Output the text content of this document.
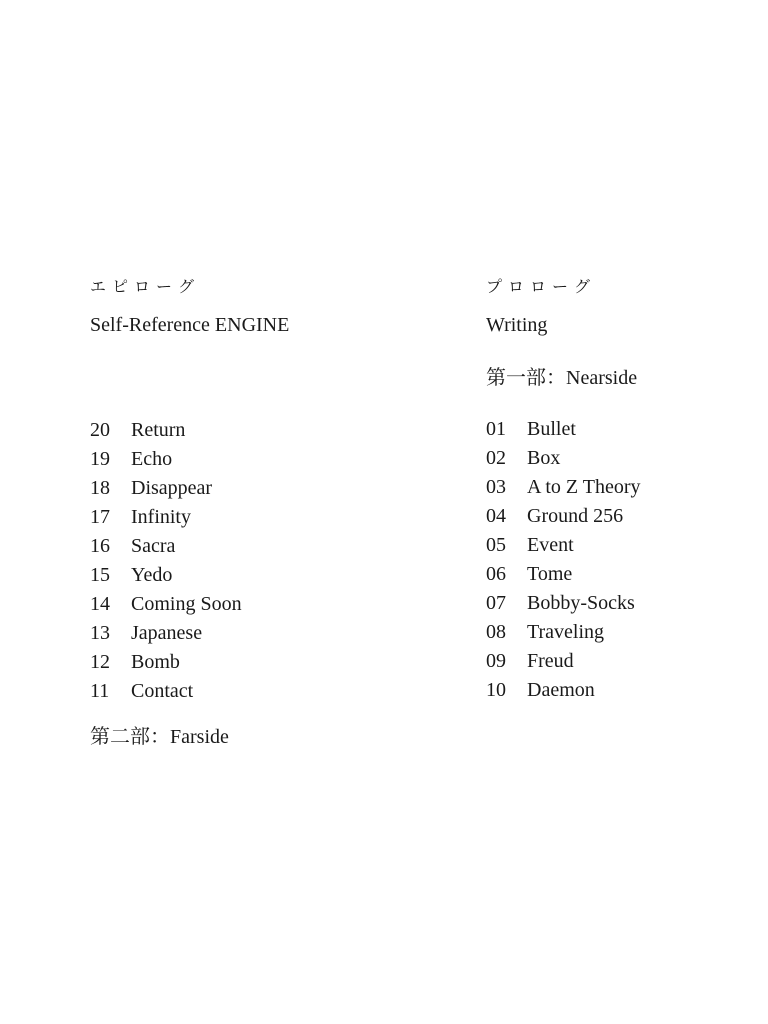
エピローグ
Self-Reference ENGINE
20 Return
19 Echo
18 Disappear
17 Infinity
16 Sacra
15 Yedo
14 Coming Soon
13 Japanese
12 Bomb
11 Contact
第二部：Farside
プロローグ
Writing
第一部：Nearside
01 Bullet
02 Box
03 A to Z Theory
04 Ground 256
05 Event
06 Tome
07 Bobby-Socks
08 Traveling
09 Freud
10 Daemon
